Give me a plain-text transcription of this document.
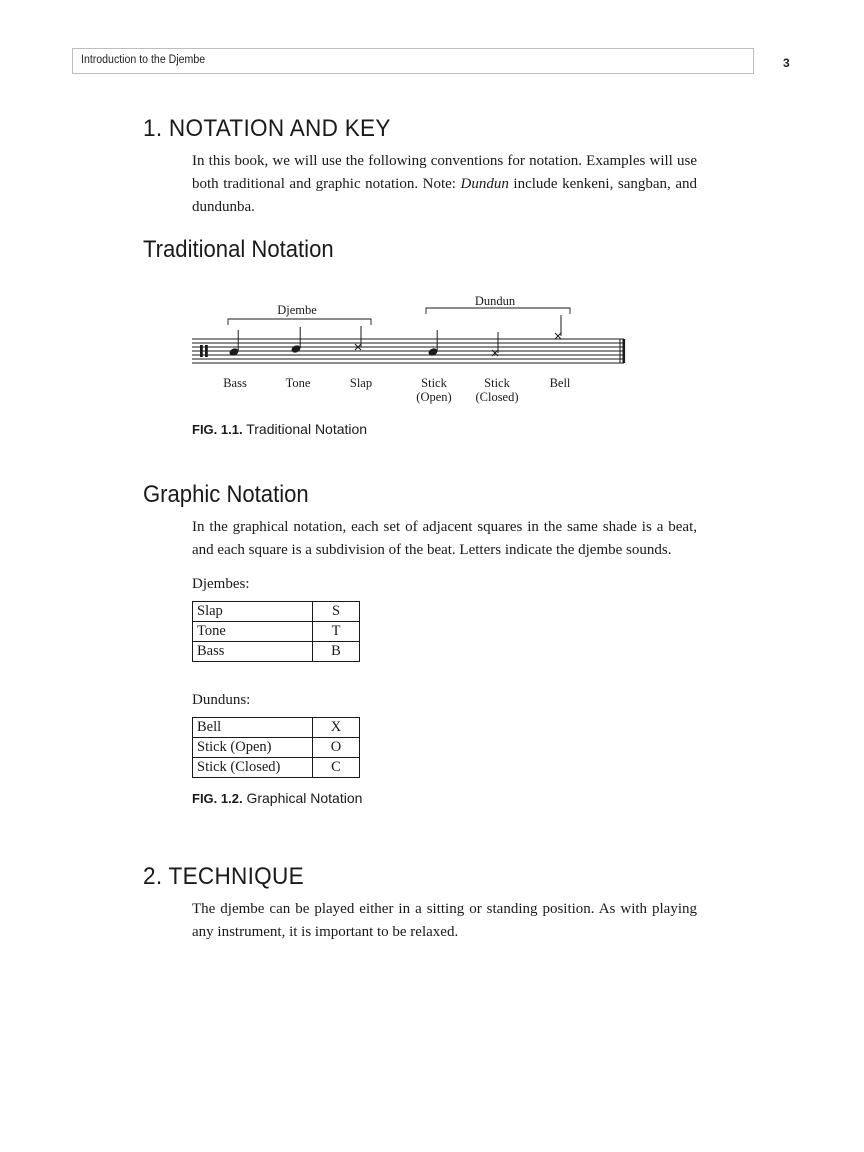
Introduction to the Djembe	3
1. NOTATION AND KEY

In this book, we will use the following conventions for notation. Examples will use both traditional and graphic notation. Note: Dundun include kenkeni, sangban, and dundunba.

Traditional Notation
Djembe
Dundun
Bass	Tone	Slap	Stick
(Open)
Stick
(Closed)
Bell

FIG. 1.1. Traditional Notation

Graphic Notation

In the graphical notation, each set of adjacent squares in the same shade is a beat, and each square is a subdivision of the beat. Letters indicate the djembe sounds.

Djembes:

Slap	S
Tone	T
Bass	B

Dunduns:

Bell	X
Stick (Open)	O
Stick (Closed)	C

FIG. 1.2. Graphical Notation

2. TECHNIQUE

The djembe can be played either in a sitting or standing position. As with playing any instrument, it is important to be relaxed.
